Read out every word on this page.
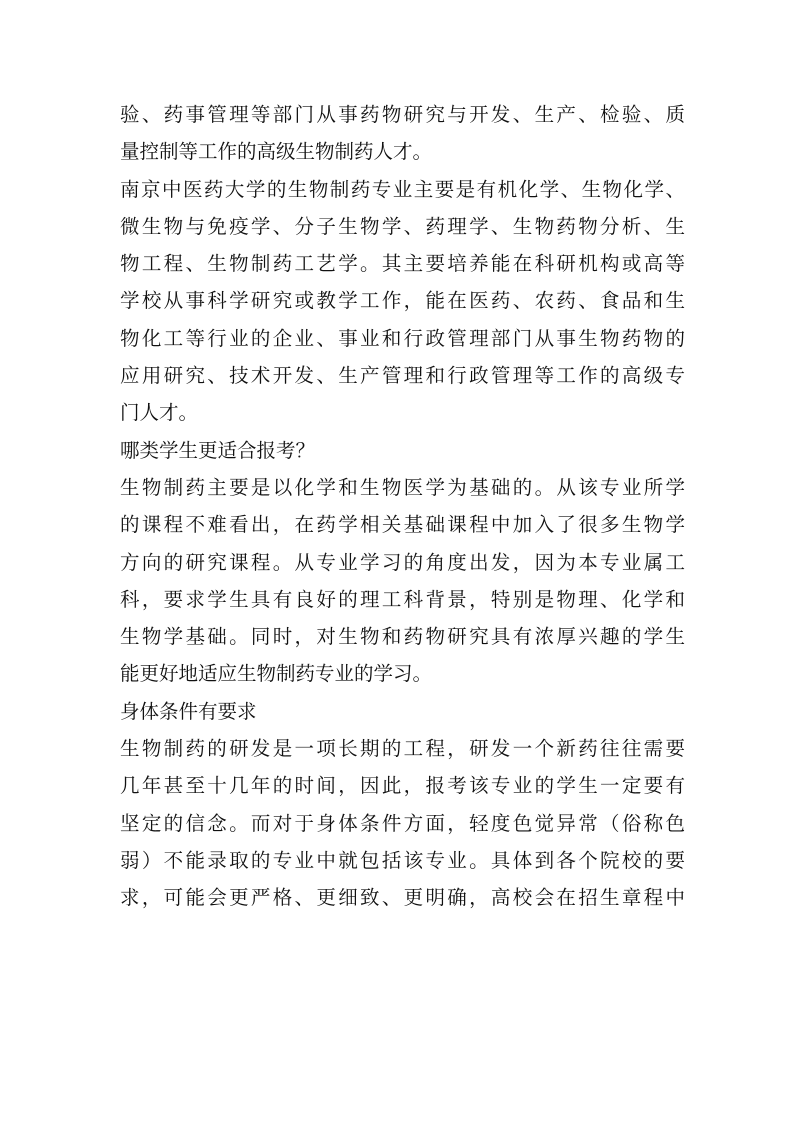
验、药事管理等部门从事药物研究与开发、生产、检验、质
量控制等工作的高级生物制药人才。
南京中医药大学的生物制药专业主要是有机化学、生物化学、
微生物与免疫学、分子生物学、药理学、生物药物分析、生
物工程、生物制药工艺学。其主要培养能在科研机构或高等
学校从事科学研究或教学工作，能在医药、农药、食品和生
物化工等行业的企业、事业和行政管理部门从事生物药物的
应用研究、技术开发、生产管理和行政管理等工作的高级专
门人才。
哪类学生更适合报考？
生物制药主要是以化学和生物医学为基础的。从该专业所学
的课程不难看出，在药学相关基础课程中加入了很多生物学
方向的研究课程。从专业学习的角度出发，因为本专业属工
科，要求学生具有良好的理工科背景，特别是物理、化学和
生物学基础。同时，对生物和药物研究具有浓厚兴趣的学生
能更好地适应生物制药专业的学习。
身体条件有要求
生物制药的研发是一项长期的工程，研发一个新药往往需要
几年甚至十几年的时间，因此，报考该专业的学生一定要有
坚定的信念。而对于身体条件方面，轻度色觉异常（俗称色
弱）不能录取的专业中就包括该专业。具体到各个院校的要
求，可能会更严格、更细致、更明确，高校会在招生章程中
